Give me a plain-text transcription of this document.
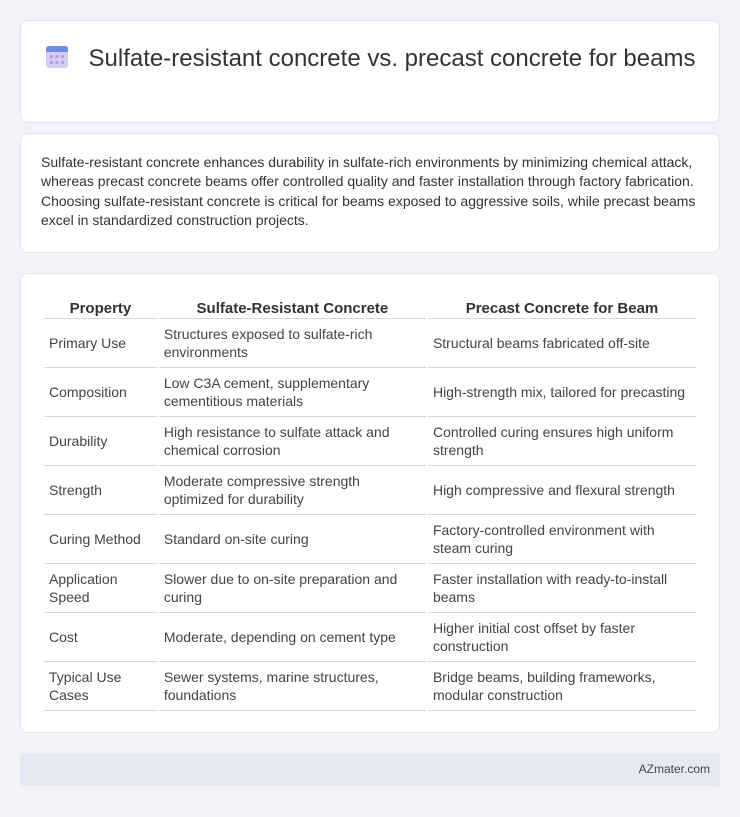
Sulfate-resistant concrete vs. precast concrete for beams

Sulfate-resistant concrete enhances durability in sulfate-rich environments by minimizing chemical attack, whereas precast concrete beams offer controlled quality and faster installation through factory fabrication. Choosing sulfate-resistant concrete is critical for beams exposed to aggressive soils, while precast beams excel in standardized construction projects.

Property	Sulfate-Resistant Concrete	Precast Concrete for Beam
Primary Use	Structures exposed to sulfate-rich environments	Structural beams fabricated off-site
Composition	Low C3A cement, supplementary cementitious materials	High-strength mix, tailored for precasting
Durability	High resistance to sulfate attack and chemical corrosion	Controlled curing ensures high uniform strength
Strength	Moderate compressive strength optimized for durability	High compressive and flexural strength
Curing Method	Standard on-site curing	Factory-controlled environment with steam curing
Application Speed	Slower due to on-site preparation and curing	Faster installation with ready-to-install beams
Cost	Moderate, depending on cement type	Higher initial cost offset by faster construction
Typical Use Cases	Sewer systems, marine structures, foundations	Bridge beams, building frameworks, modular construction
AZmater.com
